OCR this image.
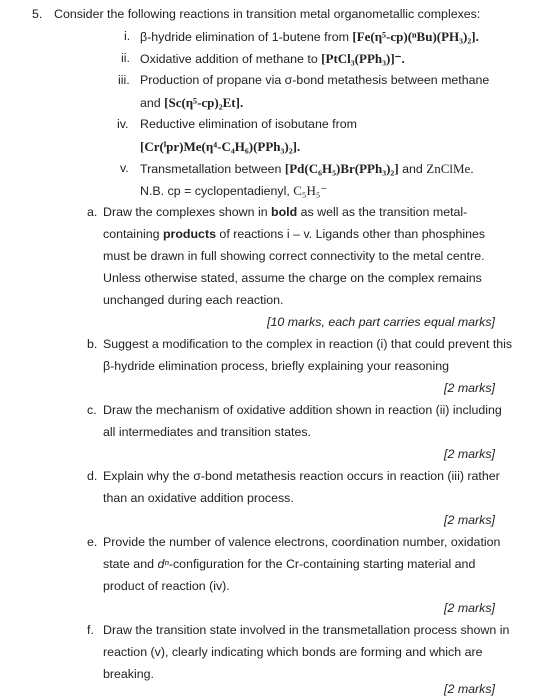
5. Consider the following reactions in transition metal organometallic complexes:
i. β-hydride elimination of 1-butene from [Fe(η⁵-cp)(ⁿBu)(PH₃)₂].
ii. Oxidative addition of methane to [PtCl₃(PPh₃)]⁻.
iii. Production of propane via σ-bond metathesis between methane
and [Sc(η⁵-cp)₂Et].
iv. Reductive elimination of isobutane from
[Cr(ⁱpr)Me(η⁴-C₄H₆)(PPh₃)₂].
v. Transmetallation between [Pd(C₆H₅)Br(PPh₃)₂] and ZnClMe.
N.B. cp = cyclopentadienyl, C₅H₅⁻
a. Draw the complexes shown in bold as well as the transition metal-
containing products of reactions i – v. Ligands other than phosphines
must be drawn in full showing correct connectivity to the metal centre.
Unless otherwise stated, assume the charge on the complex remains
unchanged during each reaction.
[10 marks, each part carries equal marks]
b. Suggest a modification to the complex in reaction (i) that could prevent this
β-hydride elimination process, briefly explaining your reasoning
[2 marks]
c. Draw the mechanism of oxidative addition shown in reaction (ii) including
all intermediates and transition states.
[2 marks]
d. Explain why the σ-bond metathesis reaction occurs in reaction (iii) rather
than an oxidative addition process.
[2 marks]
e. Provide the number of valence electrons, coordination number, oxidation
state and dⁿ-configuration for the Cr-containing starting material and
product of reaction (iv).
[2 marks]
f. Draw the transition state involved in the transmetallation process shown in
reaction (v), clearly indicating which bonds are forming and which are
breaking.
[2 marks]
